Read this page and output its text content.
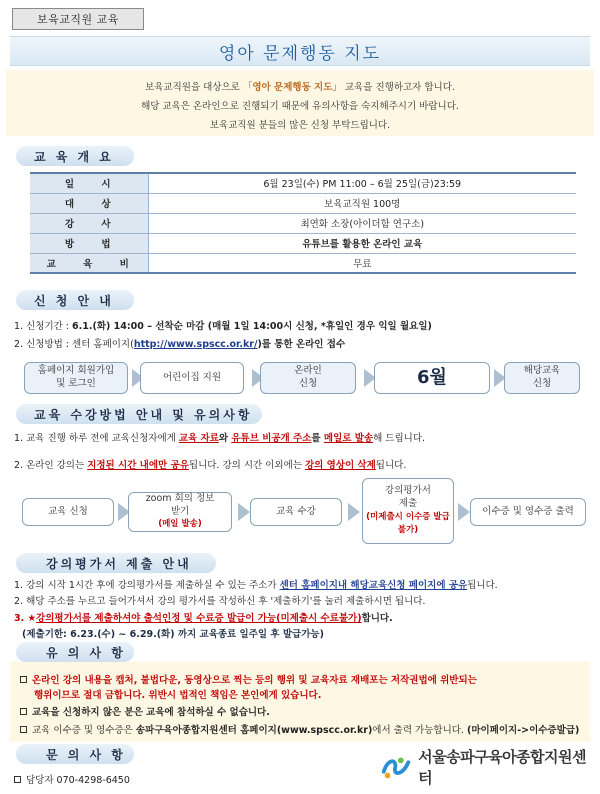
보육교직원 교육
영아 문제행동 지도

보육교직원을 대상으로 「영아 문제행동 지도」 교육을 진행하고자 합니다.

해당 교육은 온라인으로 진행되기 때문에 유의사항을 숙지해주시기 바랍니다.

보육교직원 분들의 많은 신청 부탁드립니다.

교 육 개 요
일 시	6월 23일(수) PM 11:00 – 6월 25일(금)23:59
대 상	보육교직원 100명
강 사	최연화 소장(아이더함 연구소)
방 법	유튜브를 활용한 온라인 교육
교 육 비	무료
신 청 안 내
1. 신청기간 : 6.1.(화) 14:00 – 선착순 마감 (매월 1일 14:00시 신청, *휴일인 경우 익일 월요일)
2. 신청방법 : 센터 홈페이지(http://www.spscc.or.kr/)를 통한 온라인 접수
홈페이지 회원가입
및 로그인
어린이집 지원
온라인
신청	6월	해당교육
신청
교육 수강방법 안내 및 유의사항
1. 교육 진행 하루 전에 교육신청자에게 교육 자료와 유튜브 비공개 주소를 메일로 발송해 드립니다.
2. 온라인 강의는 지정된 시간 내에만 공유됩니다. 강의 시간 이외에는 강의 영상이 삭제됩니다.
교육 신청
zoom 회의 정보
받기
(메일 발송)
교육 수강
강의평가서
제출
(미제출시 이수증 발급 불가)
이수증 및 영수증 출력
강의평가서 제출 안내
1. 강의 시작 1시간 후에 강의평가서를 제출하실 수 있는 주소가 센터 홈페이지내 해당교육신청 페이지에 공유됩니다.
2. 해당 주소를 누르고 들어가셔서 강의 평가서를 작성하신 후 '제출하기'를 눌러 제출하시면 됩니다.
3. ★강의평가서를 제출하셔야 출석인정 및 수료증 발급이 가능(미제출시 수료불가)합니다.
(제출기한: 6.23.(수) ~ 6.29.(화) 까지 교육종료 일주일 후 발급가능)
유 의 사 항
온라인 강의 내용을 캡처, 불법다운, 동영상으로 찍는 등의 행위 및 교육자료 재배포는 저작권법에 위반되는
행위이므로 절대 금합니다. 위반시 법적인 책임은 본인에게 있습니다.
교육을 신청하지 않은 분은 교육에 참석하실 수 없습니다.
교육 이수증 및 영수증은 송파구육아종합지원센터 홈페이지(www.spscc.or.kr)에서 출력 가능합니다. (마이페이지->이수증발급)
문 의 사 항
담당자 070-4298-6450
서울송파구육아종합지원센터
